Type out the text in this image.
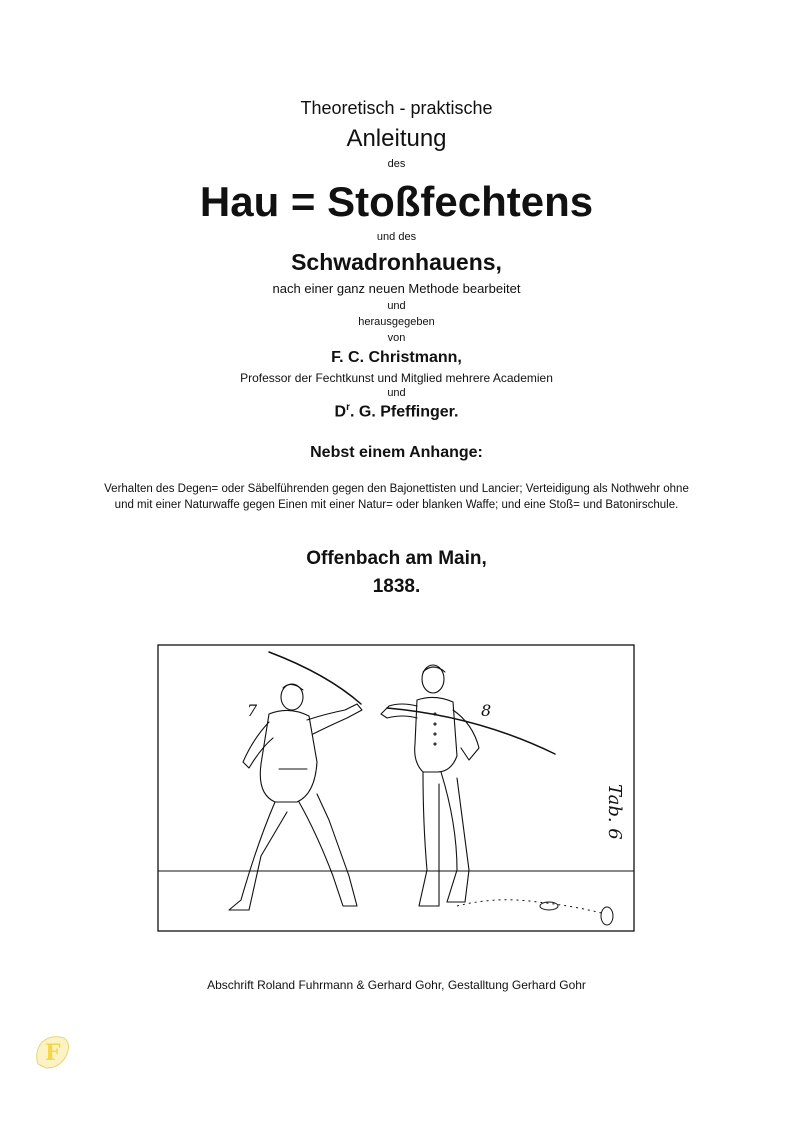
Theoretisch - praktische
Anleitung
des
Hau = Stoßfechtens
und des
Schwadronhauens,
nach einer ganz neuen Methode bearbeitet
und
herausgegeben
von
F. C. Christmann,
Professor der Fechtkunst und Mitglied mehrere Academien
und
$D^r$. G. Pfeffinger.
Nebst einem Anhange:
Verhalten des Degen= oder Säbelführenden gegen den Bajonettisten und Lancier; Verteidigung als Nothwehr ohne und mit einer Naturwaffe gegen Einen mit einer Natur= oder blanken Waffe; und eine Stoß= und Batonirschule.
Offenbach am Main,
1838.
7	8
Tab. 6
Abschrift Roland Fuhrmann & Gerhard Gohr, Gestalltung Gerhard Gohr
F
